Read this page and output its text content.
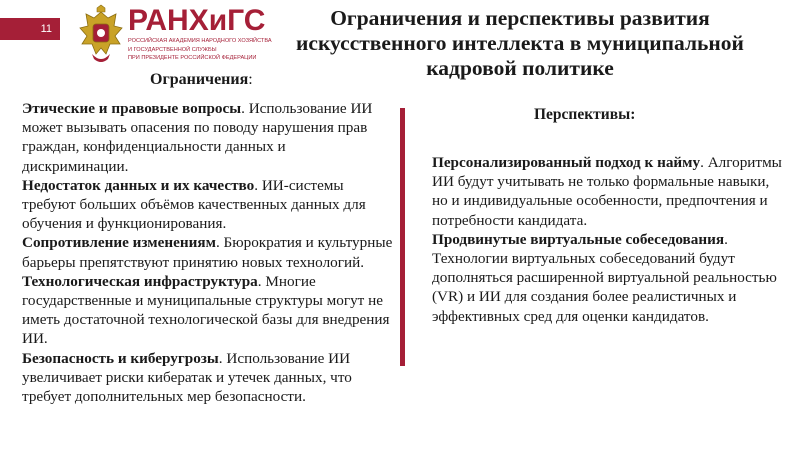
11	РАНХиГС
РОССИЙСКАЯ АКАДЕМИЯ НАРОДНОГО ХОЗЯЙСТВА
И ГОСУДАРСТВЕННОЙ СЛУЖБЫ
ПРИ ПРЕЗИДЕНТЕ РОССИЙСКОЙ ФЕДЕРАЦИИ
Ограничения и перспективы развития искусственного интеллекта в муниципальной кадровой политике
Ограничения:

Этические и правовые вопросы. Использование ИИ может вызывать опасения по поводу нарушения прав граждан, конфиденциальности данных и дискриминации.

Недостаток данных и их качество. ИИ-системы требуют больших объёмов качественных данных для обучения и функционирования.

Сопротивление изменениям. Бюрократия и культурные барьеры препятствуют принятию новых технологий.

Технологическая инфраструктура. Многие государственные и муниципальные структуры могут не иметь достаточной технологической базы для внедрения ИИ.

Безопасность и киберугрозы. Использование ИИ увеличивает риски кибератак и утечек данных, что требует дополнительных мер безопасности.

Перспективы:

Персонализированный подход к найму. Алгоритмы ИИ будут учитывать не только формальные навыки, но и индивидуальные особенности, предпочтения и потребности кандидата.

Продвинутые виртуальные собеседования. Технологии виртуальных собеседований будут дополняться расширенной виртуальной реальностью (VR) и ИИ для создания более реалистичных и эффективных сред для оценки кандидатов.
